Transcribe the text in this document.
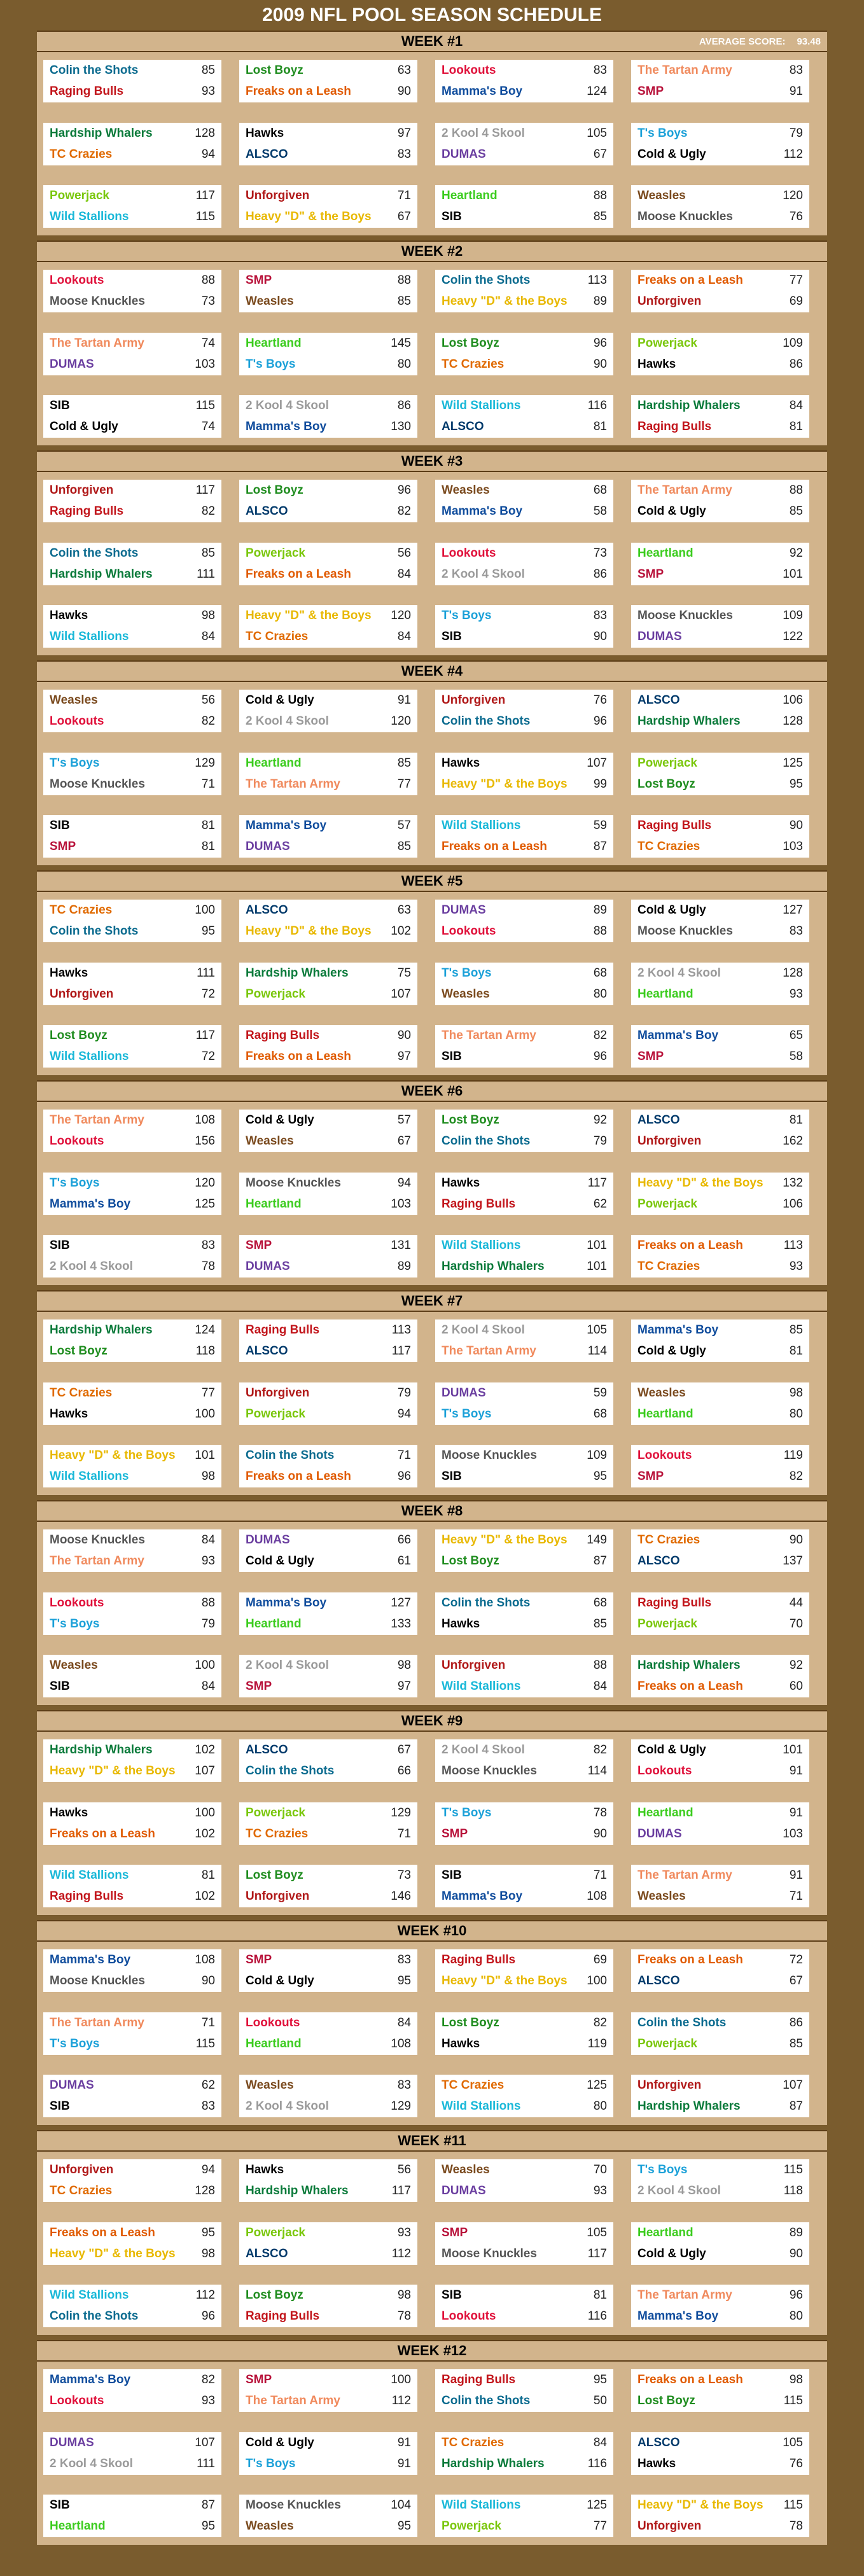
2009 NFL POOL SEASON SCHEDULE
WEEK #1	AVERAGE SCORE: 93.48
Colin the Shots	85
Raging Bulls	93
Lost Boyz	63
Freaks on a Leash	90
Lookouts	83
Mamma's Boy	124
The Tartan Army	83
SMP	91
Hardship Whalers	128
TC Crazies	94
Hawks	97
ALSCO	83
2 Kool 4 Skool	105
DUMAS	67
T's Boys	79
Cold & Ugly	112
Powerjack	117
Wild Stallions	115
Unforgiven	71
Heavy "D" & the Boys 67
Heartland	88
SIB	85
Weasles	120
Moose Knuckles	76
WEEK #2
Lookouts	88
Moose Knuckles	73
SMP	88
Weasles	85
Colin the Shots	113
Heavy "D" & the Boys 89
Freaks on a Leash	77
Unforgiven	69
The Tartan Army	74
DUMAS	103
Heartland	145
T's Boys	80
Lost Boyz	96
TC Crazies	90
Powerjack	109
Hawks	86
SIB	115
Cold & Ugly	74
2 Kool 4 Skool	86
Mamma's Boy	130
Wild Stallions	116
ALSCO	81
Hardship Whalers	84
Raging Bulls	81
WEEK #3
Unforgiven	117
Raging Bulls	82
Lost Boyz	96
ALSCO	82
Weasles	68
Mamma's Boy	58
The Tartan Army	88
Cold & Ugly	85
Colin the Shots	85
Hardship Whalers	111
Powerjack	56
Freaks on a Leash	84
Lookouts	73
2 Kool 4 Skool	86
Heartland	92
SMP	101
Hawks	98
Wild Stallions	84
Heavy "D" & the Boys 120
TC Crazies	84
T's Boys	83
SIB	90
Moose Knuckles	109
DUMAS	122
WEEK #4
Weasles	56
Lookouts	82
Cold & Ugly	91
2 Kool 4 Skool	120
Unforgiven	76
Colin the Shots	96
ALSCO	106
Hardship Whalers	128
T's Boys	129
Moose Knuckles	71
Heartland	85
The Tartan Army	77
Hawks	107
Heavy "D" & the Boys 99
Powerjack	125
Lost Boyz	95
SIB	81
SMP	81
Mamma's Boy	57
DUMAS	85
Wild Stallions	59
Freaks on a Leash	87
Raging Bulls	90
TC Crazies	103
WEEK #5
TC Crazies	100
Colin the Shots	95
ALSCO	63
Heavy "D" & the Boys 102
DUMAS	89
Lookouts	88
Cold & Ugly	127
Moose Knuckles	83
Hawks	111
Unforgiven	72
Hardship Whalers	75
Powerjack	107
T's Boys	68
Weasles	80
2 Kool 4 Skool	128
Heartland	93
Lost Boyz	117
Wild Stallions	72
Raging Bulls	90
Freaks on a Leash	97
The Tartan Army	82
SIB	96
Mamma's Boy	65
SMP	58
WEEK #6
The Tartan Army	108
Lookouts	156
Cold & Ugly	57
Weasles	67
Lost Boyz	92
Colin the Shots	79
ALSCO	81
Unforgiven	162
T's Boys	120
Mamma's Boy	125
Moose Knuckles	94
Heartland	103
Hawks	117
Raging Bulls	62
Heavy "D" & the Boys 132
Powerjack	106
SIB	83
2 Kool 4 Skool	78
SMP	131
DUMAS	89
Wild Stallions	101
Hardship Whalers	101
Freaks on a Leash	113
TC Crazies	93
WEEK #7
Hardship Whalers	124
Lost Boyz	118
Raging Bulls	113
ALSCO	117
2 Kool 4 Skool	105
The Tartan Army	114
Mamma's Boy	85
Cold & Ugly	81
TC Crazies	77
Hawks	100
Unforgiven	79
Powerjack	94
DUMAS	59
T's Boys	68
Weasles	98
Heartland	80
Heavy "D" & the Boys 101
Wild Stallions	98
Colin the Shots	71
Freaks on a Leash	96
Moose Knuckles	109
SIB	95
Lookouts	119
SMP	82
WEEK #8
Moose Knuckles	84
The Tartan Army	93
DUMAS	66
Cold & Ugly	61
Heavy "D" & the Boys 149
Lost Boyz	87
TC Crazies	90
ALSCO	137
Lookouts	88
T's Boys	79
Mamma's Boy	127
Heartland	133
Colin the Shots	68
Hawks	85
Raging Bulls	44
Powerjack	70
Weasles	100
SIB	84
2 Kool 4 Skool	98
SMP	97
Unforgiven	88
Wild Stallions	84
Hardship Whalers	92
Freaks on a Leash	60
WEEK #9
Hardship Whalers	102
Heavy "D" & the Boys 107
ALSCO	67
Colin the Shots	66
2 Kool 4 Skool	82
Moose Knuckles	114
Cold & Ugly	101
Lookouts	91
Hawks	100
Freaks on a Leash	102
Powerjack	129
TC Crazies	71
T's Boys	78
SMP	90
Heartland	91
DUMAS	103
Wild Stallions	81
Raging Bulls	102
Lost Boyz	73
Unforgiven	146
SIB	71
Mamma's Boy	108
The Tartan Army	91
Weasles	71
WEEK #10
Mamma's Boy	108
Moose Knuckles	90
SMP	83
Cold & Ugly	95
Raging Bulls	69
Heavy "D" & the Boys 100
Freaks on a Leash	72
ALSCO	67
The Tartan Army	71
T's Boys	115
Lookouts	84
Heartland	108
Lost Boyz	82
Hawks	119
Colin the Shots	86
Powerjack	85
DUMAS	62
SIB	83
Weasles	83
2 Kool 4 Skool	129
TC Crazies	125
Wild Stallions	80
Unforgiven	107
Hardship Whalers	87
WEEK #11
Unforgiven	94
TC Crazies	128
Hawks	56
Hardship Whalers	117
Weasles	70
DUMAS	93
T's Boys	115
2 Kool 4 Skool	118
Freaks on a Leash	95
Heavy "D" & the Boys 98
Powerjack	93
ALSCO	112
SMP	105
Moose Knuckles	117
Heartland	89
Cold & Ugly	90
Wild Stallions	112
Colin the Shots	96
Lost Boyz	98
Raging Bulls	78
SIB	81
Lookouts	116
The Tartan Army	96
Mamma's Boy	80
WEEK #12
Mamma's Boy	82
Lookouts	93
SMP	100
The Tartan Army	112
Raging Bulls	95
Colin the Shots	50
Freaks on a Leash	98
Lost Boyz	115
DUMAS	107
2 Kool 4 Skool	111
Cold & Ugly	91
T's Boys	91
TC Crazies	84
Hardship Whalers	116
ALSCO	105
Hawks	76
SIB	87
Heartland	95
Moose Knuckles	104
Weasles	95
Wild Stallions	125
Powerjack	77
Heavy "D" & the Boys 115
Unforgiven	78
